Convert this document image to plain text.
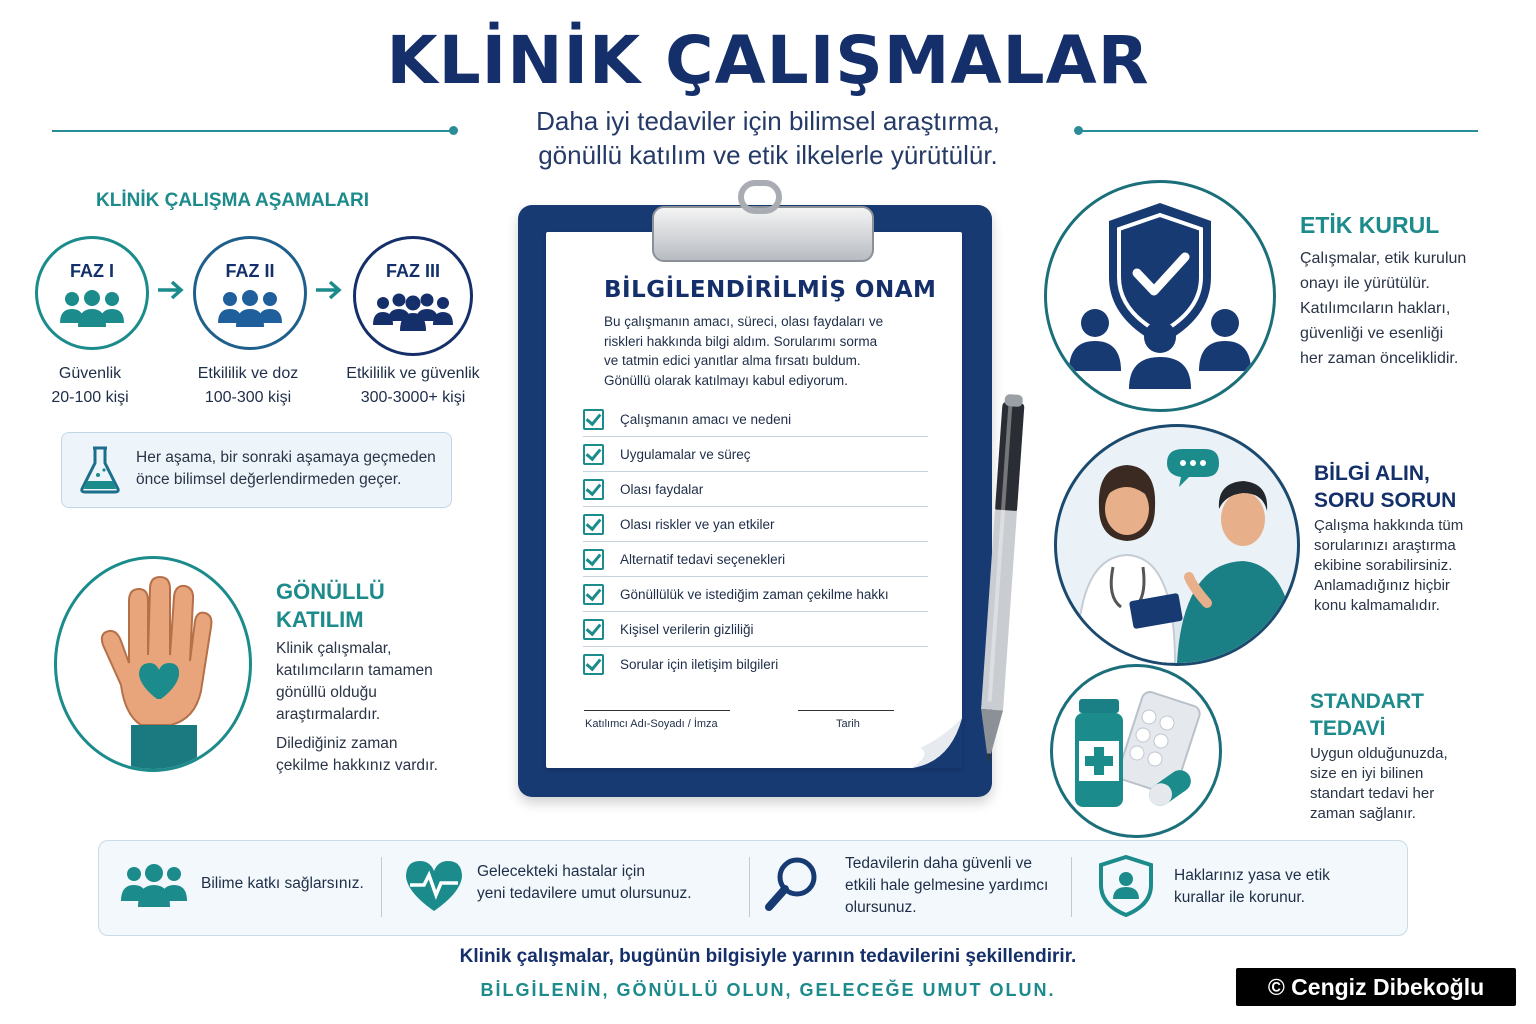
KLİNİK ÇALIŞMALAR
Daha iyi tedaviler için bilimsel araştırma,
gönüllü katılım ve etik ilkelerle yürütülür.
KLİNİK ÇALIŞMA AŞAMALARI
FAZ I	FAZ II	FAZ III
Güvenlik
20-100 kişi
Etkililik ve doz
100-300 kişi
Etkililik ve güvenlik
300-3000+ kişi
Her aşama, bir sonraki aşamaya geçmeden
önce bilimsel değerlendirmeden geçer.
GÖNÜLLÜ
KATILIM
Klinik çalışmalar,
katılımcıların tamamen
gönüllü olduğu
araştırmalardır.
Dilediğiniz zaman
çekilme hakkınız vardır.
BİLGİLENDİRİLMİŞ ONAM
Bu çalışmanın amacı, süreci, olası faydaları ve
riskleri hakkında bilgi aldım. Sorularımı sorma
ve tatmin edici yanıtlar alma fırsatı buldum.
Gönüllü olarak katılmayı kabul ediyorum.
Çalışmanın amacı ve nedeni
Uygulamalar ve süreç
Olası faydalar
Olası riskler ve yan etkiler
Alternatif tedavi seçenekleri
Gönüllülük ve istediğim zaman çekilme hakkı
Kişisel verilerin gizliliği
Sorular için iletişim bilgileri
Katılımcı Adı-Soyadı / İmza	Tarih
ETİK KURUL
Çalışmalar, etik kurulun
onayı ile yürütülür.
Katılımcıların hakları,
güvenliği ve esenliği
her zaman önceliklidir.
BİLGİ ALIN,
SORU SORUN
Çalışma hakkında tüm
sorularınızı araştırma
ekibine sorabilirsiniz.
Anlamadığınız hiçbir
konu kalmamalıdır.
STANDART
TEDAVİ
Uygun olduğunuzda,
size en iyi bilinen
standart tedavi her
zaman sağlanır.
Bilime katkı sağlarsınız.
Gelecekteki hastalar için
yeni tedavilere umut olursunuz.
Tedavilerin daha güvenli ve
etkili hale gelmesine yardımcı
olursunuz.
Haklarınız yasa ve etik
kurallar ile korunur.
Klinik çalışmalar, bugünün bilgisiyle yarının tedavilerini şekillendirir.
BİLGİLENİN, GÖNÜLLÜ OLUN, GELECEĞE UMUT OLUN.	© Cengiz Dibekoğlu
